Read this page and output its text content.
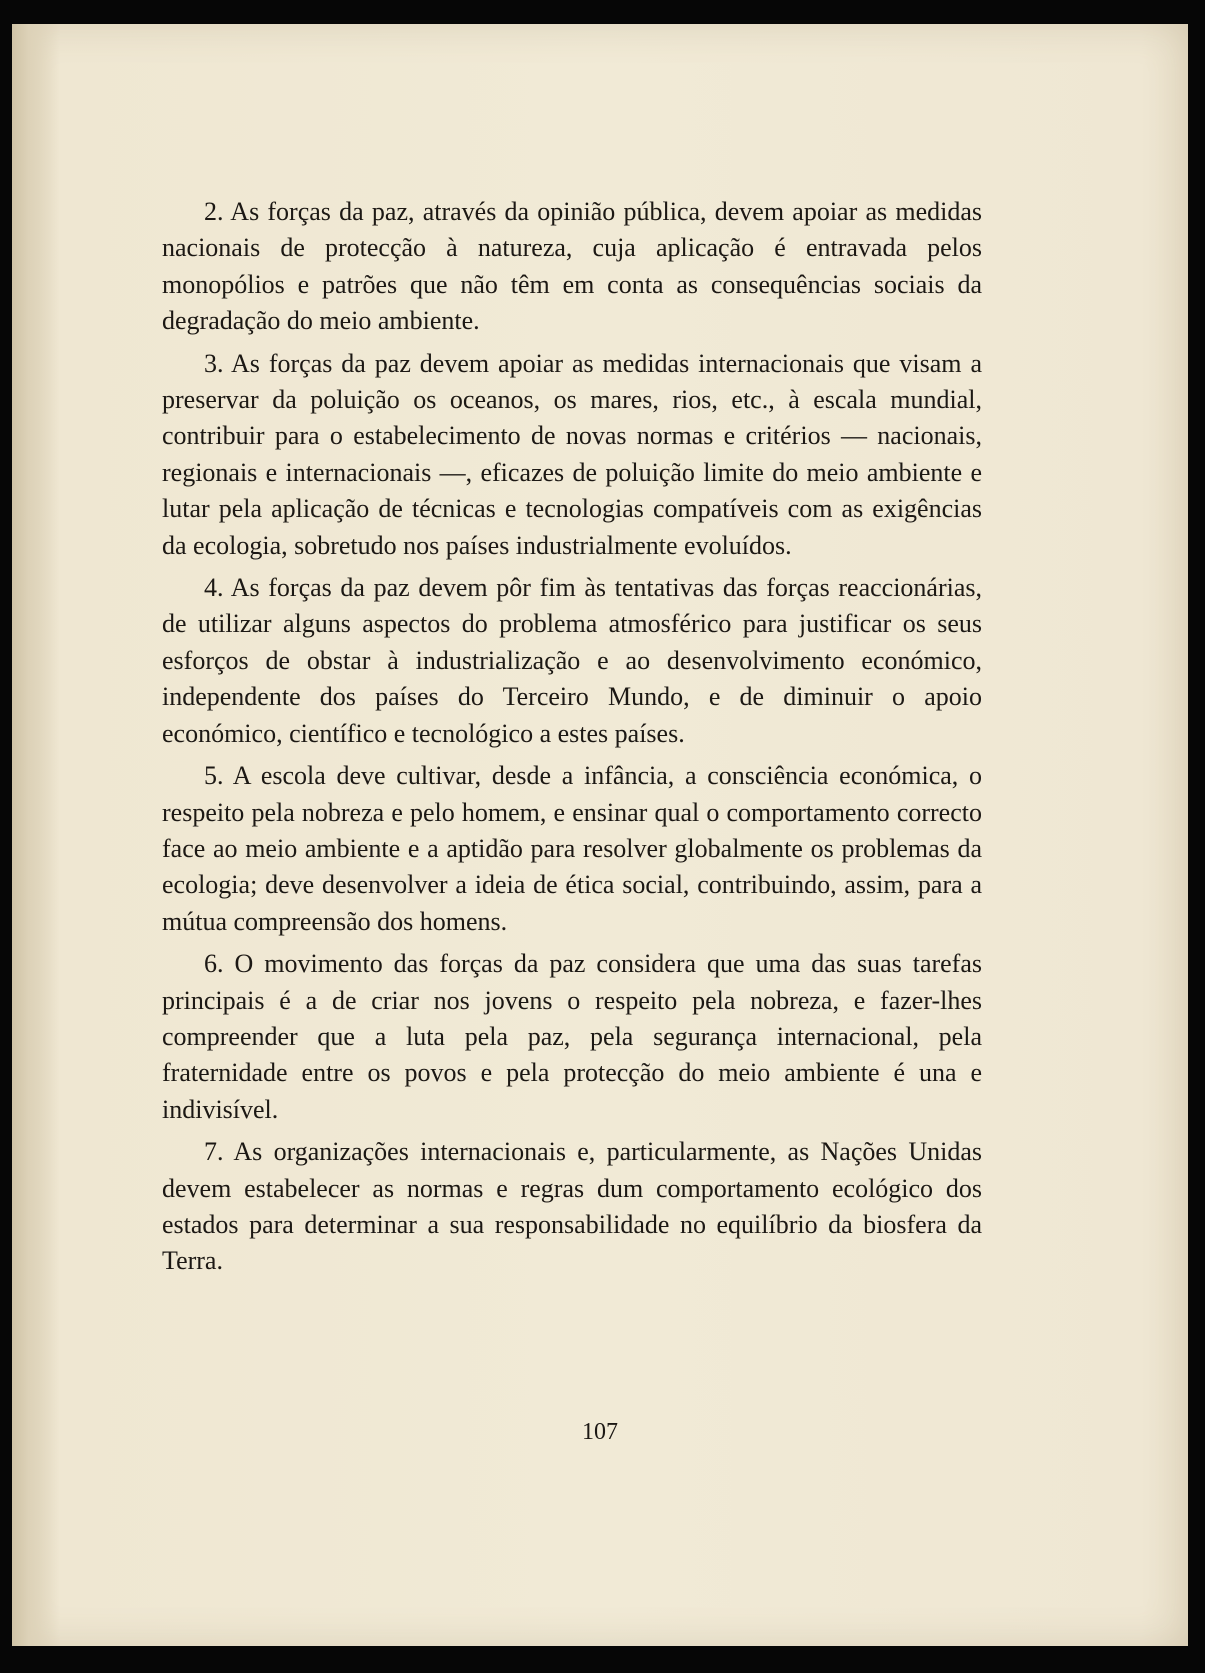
2. As forças da paz, através da opinião pública, devem apoiar as medidas nacionais de protecção à natureza, cuja aplicação é entravada pelos monopólios e patrões que não têm em conta as consequências sociais da degradação do meio ambiente.

3. As forças da paz devem apoiar as medidas internacionais que visam a preservar da poluição os oceanos, os mares, rios, etc., à escala mundial, contribuir para o estabelecimento de novas normas e critérios — nacionais, regionais e internacionais —, eficazes de poluição limite do meio ambiente e lutar pela aplicação de técnicas e tecnologias compatíveis com as exigências da ecologia, sobretudo nos países industrialmente evoluídos.

4. As forças da paz devem pôr fim às tentativas das forças reaccionárias, de utilizar alguns aspectos do problema atmosférico para justificar os seus esforços de obstar à industrialização e ao desenvolvimento económico, independente dos países do Terceiro Mundo, e de diminuir o apoio económico, científico e tecnológico a estes países.

5. A escola deve cultivar, desde a infância, a consciência económica, o respeito pela nobreza e pelo homem, e ensinar qual o comportamento correcto face ao meio ambiente e a aptidão para resolver globalmente os problemas da ecologia; deve desenvolver a ideia de ética social, contribuindo, assim, para a mútua compreensão dos homens.

6. O movimento das forças da paz considera que uma das suas tarefas principais é a de criar nos jovens o respeito pela nobreza, e fazer-lhes compreender que a luta pela paz, pela segurança internacional, pela fraternidade entre os povos e pela protecção do meio ambiente é una e indivisível.

7. As organizações internacionais e, particularmente, as Nações Unidas devem estabelecer as normas e regras dum comportamento ecológico dos estados para determinar a sua responsabilidade no equilíbrio da biosfera da Terra.

107
